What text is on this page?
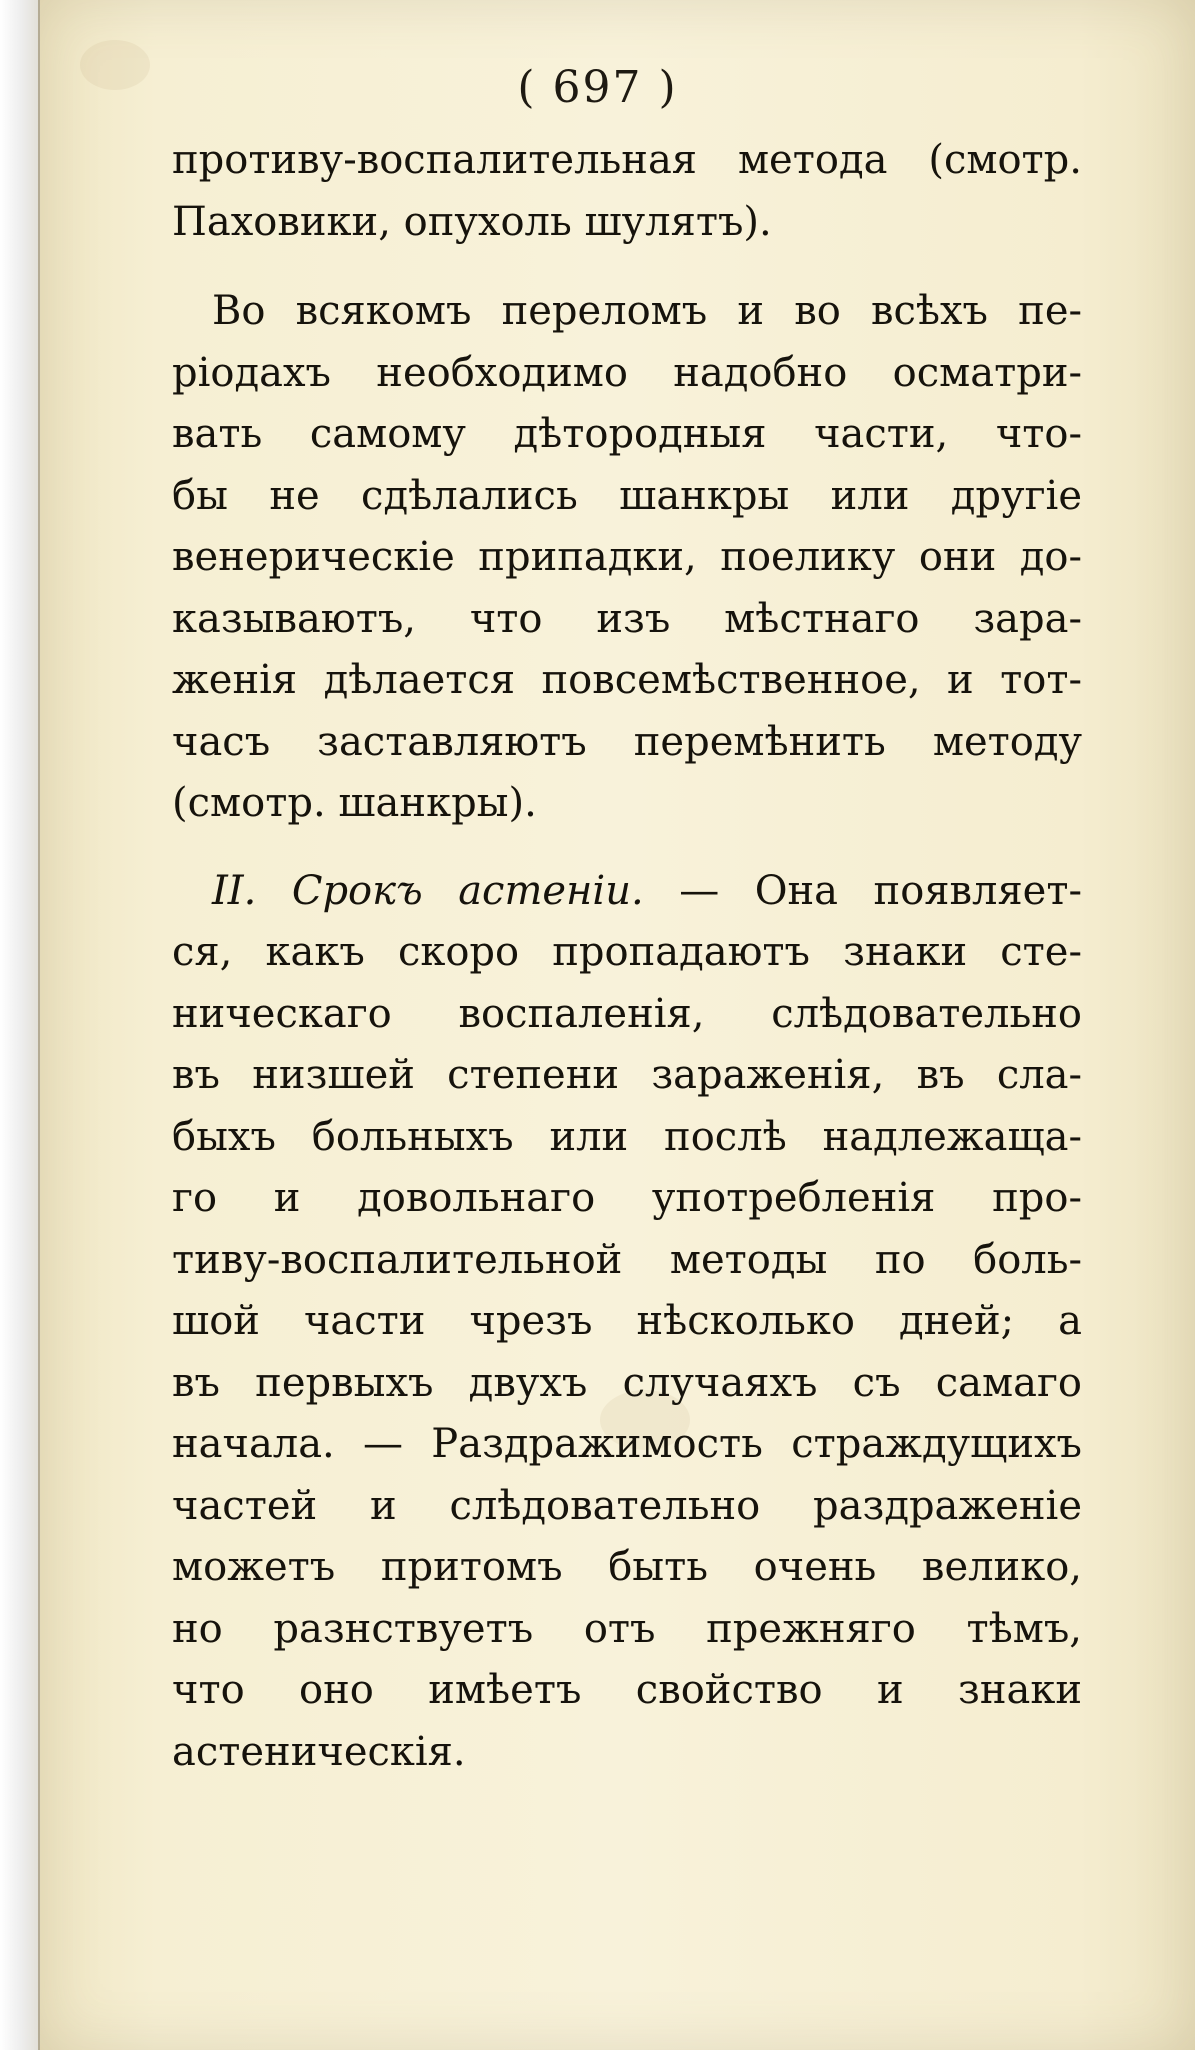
( 697 )
противу-воспалительная метода (смотр.
Паховики, опухоль шулятъ).
Во всякомъ переломъ и во всѣхъ пе-
ріодахъ необходимо надобно осматри-
вать самому дѣтородныя части, что-
бы не сдѣлались шанкры или другіе
венерическіе припадки, поелику они до-
казываютъ, что изъ мѣстнаго зара-
женія дѣлается повсемѣственное, и тот-
часъ заставляютъ перемѣнить методу
(смотр. шанкры).
II. Срокъ астеніи. — Она появляет-
ся, какъ скоро пропадаютъ знаки сте-
ническаго воспаленія, слѣдовательно
въ низшей степени зараженія, въ сла-
быхъ больныхъ или послѣ надлежаща-
го и довольнаго употребленія про-
тиву-воспалительной методы по боль-
шой части чрезъ нѣсколько дней; а
въ первыхъ двухъ случаяхъ съ самаго
начала. — Раздражимость страждущихъ
частей и слѣдовательно раздраженіе
можетъ притомъ быть очень велико,
но разнствуетъ отъ прежняго тѣмъ,
что оно имѣетъ свойство и знаки
астеническія.
